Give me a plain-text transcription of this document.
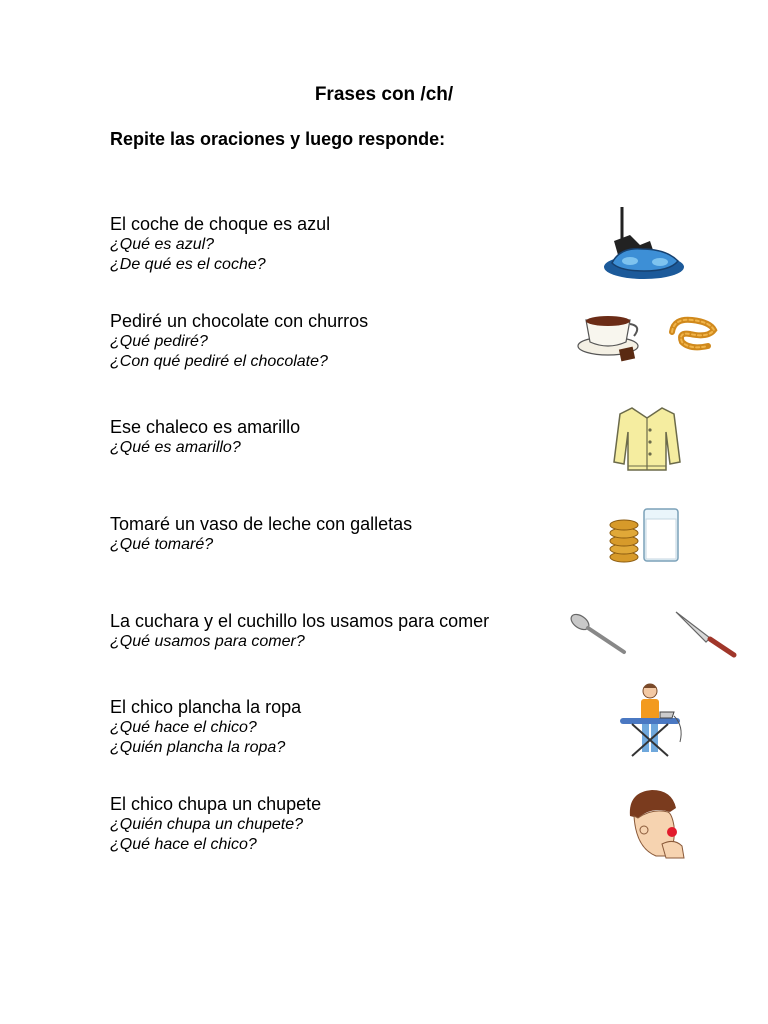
Frases con /ch/
Repite las oraciones y luego responde:
El coche de choque es azul
¿Qué es azul?
¿De qué es el coche?
Pediré un chocolate con churros
¿Qué pediré?
¿Con qué pediré el chocolate?
Ese chaleco es amarillo
¿Qué es amarillo?
Tomaré un vaso de leche con galletas
¿Qué tomaré?
La cuchara y el cuchillo los usamos para comer
¿Qué usamos para comer?
El chico plancha la ropa
¿Qué hace el chico?
¿Quién plancha la ropa?
El chico chupa un chupete
¿Quién chupa un chupete?
¿Qué hace el chico?
